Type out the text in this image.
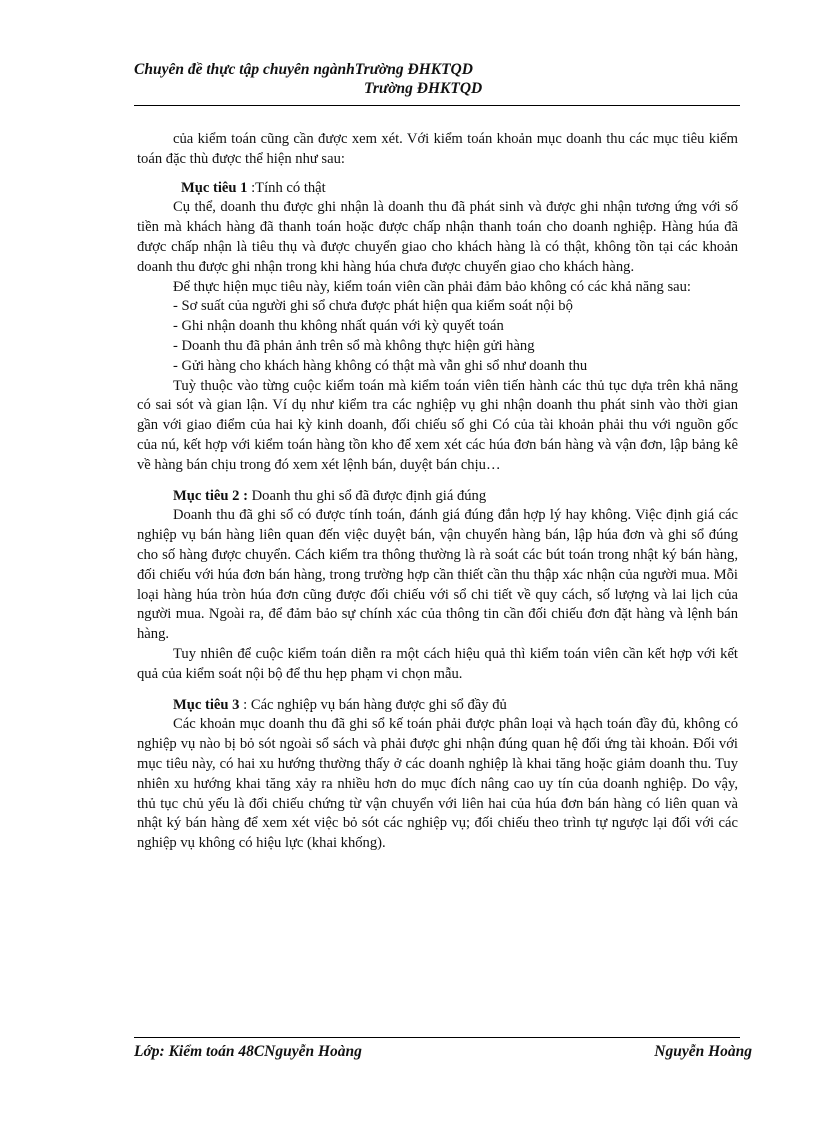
Chuyên đề thực tập chuyên ngànhTrường ĐHKTQD
Trường ĐHKTQD

của kiểm toán cũng cần được xem xét. Với kiểm toán khoản mục doanh thu các mục tiêu kiểm toán đặc thù được thể hiện như sau:

Mục tiêu 1 :Tính có thật

Cụ thể, doanh thu được ghi nhận là doanh thu đã phát sinh và được ghi nhận tương ứng với số tiền mà khách hàng đã thanh toán hoặc được chấp nhận thanh toán cho doanh nghiệp. Hàng húa đã được chấp nhận là tiêu thụ và được chuyển giao cho khách hàng là có thật, không tồn tại các khoản doanh thu được ghi nhận trong khi hàng húa chưa được chuyển giao cho khách hàng.

Để thực hiện mục tiêu này, kiểm toán viên cần phải đảm bảo không có các khả năng sau:

- Sơ suất của người ghi sổ chưa được phát hiện qua kiểm soát nội bộ
- Ghi nhận doanh thu không nhất quán với kỳ quyết toán
- Doanh thu đã phản ảnh trên sổ mà không thực hiện gửi hàng
- Gửi hàng cho khách hàng không có thật mà vẫn ghi sổ như doanh thu

Tuỳ thuộc vào từng cuộc kiểm toán mà kiểm toán viên tiến hành các thủ tục dựa trên khả năng có sai sót và gian lận. Ví dụ như kiểm tra các nghiệp vụ ghi nhận doanh thu phát sinh vào thời gian gần với giao điểm của hai kỳ kinh doanh, đối chiếu số ghi Có của tài khoản phải thu với nguồn gốc của nú, kết hợp với kiểm toán hàng tồn kho để xem xét các húa đơn bán hàng và vận đơn, lập bảng kê về hàng bán chịu trong đó xem xét lệnh bán, duyệt bán chịu…

Mục tiêu 2 : Doanh thu ghi sổ đã được định giá đúng

Doanh thu đã ghi sổ có được tính toán, đánh giá đúng đắn hợp lý hay không. Việc định giá các nghiệp vụ bán hàng liên quan đến việc duyệt bán, vận chuyển hàng bán, lập húa đơn và ghi sổ đúng cho số hàng được chuyển. Cách kiểm tra thông thường là rà soát các bút toán trong nhật ký bán hàng, đối chiếu với húa đơn bán hàng, trong trường hợp cần thiết cần thu thập xác nhận của người mua. Mỗi loại hàng húa tròn húa đơn cũng được đối chiếu với sổ chi tiết về quy cách, số lượng và lai lịch của người mua. Ngoài ra, để đảm bảo sự chính xác của thông tin cần đối chiếu đơn đặt hàng và lệnh bán hàng.

Tuy nhiên để cuộc kiểm toán diễn ra một cách hiệu quả thì kiểm toán viên cần kết hợp với kết quả của kiểm soát nội bộ để thu hẹp phạm vi chọn mẫu.

Mục tiêu 3 : Các nghiệp vụ bán hàng được ghi sổ đầy đủ

Các khoản mục doanh thu đã ghi sổ kế toán phải được phân loại và hạch toán đầy đủ, không có nghiệp vụ nào bị bỏ sót ngoài sổ sách và phải được ghi nhận đúng quan hệ đối ứng tài khoản. Đối với mục tiêu này, có hai xu hướng thường thấy ở các doanh nghiệp là khai tăng hoặc giảm doanh thu. Tuy nhiên xu hướng khai tăng xảy ra nhiều hơn do mục đích nâng cao uy tín của doanh nghiệp. Do vậy, thủ tục chủ yếu là đối chiếu chứng từ vận chuyển với liên hai của húa đơn bán hàng có liên quan và nhật ký bán hàng để xem xét việc bỏ sót các nghiệp vụ; đối chiếu theo trình tự ngược lại đối với các nghiệp vụ không có hiệu lực (khai khống).

Lớp: Kiểm toán 48CNguyễn Hoàng	Nguyễn Hoàng
